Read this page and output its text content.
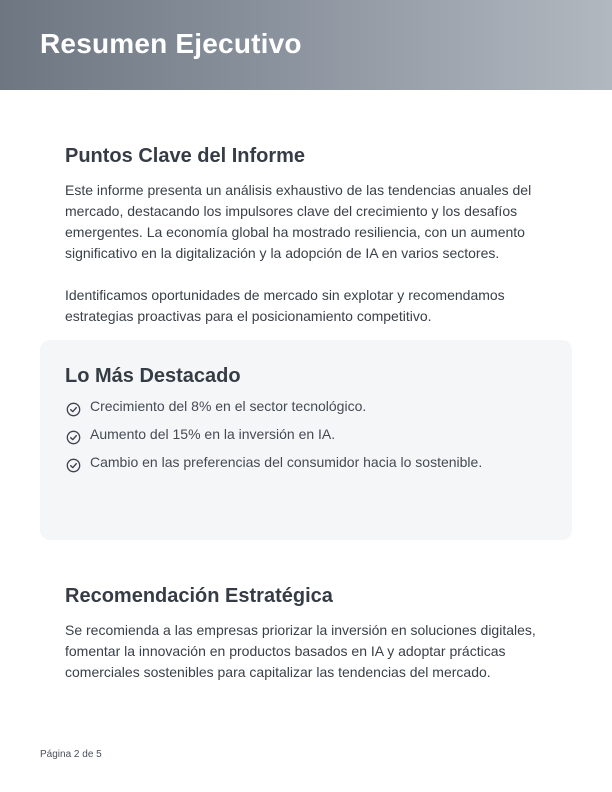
Resumen Ejecutivo
Puntos Clave del Informe

Este informe presenta un análisis exhaustivo de las tendencias anuales del mercado, destacando los impulsores clave del crecimiento y los desafíos emergentes. La economía global ha mostrado resiliencia, con un aumento significativo en la digitalización y la adopción de IA en varios sectores.

Identificamos oportunidades de mercado sin explotar y recomendamos estrategias proactivas para el posicionamiento competitivo.

Lo Más Destacado
Crecimiento del 8% en el sector tecnológico.
Aumento del 15% en la inversión en IA.
Cambio en las preferencias del consumidor hacia lo sostenible.
Recomendación Estratégica

Se recomienda a las empresas priorizar la inversión en soluciones digitales, fomentar la innovación en productos basados en IA y adoptar prácticas comerciales sostenibles para capitalizar las tendencias del mercado.

Página 2 de 5
